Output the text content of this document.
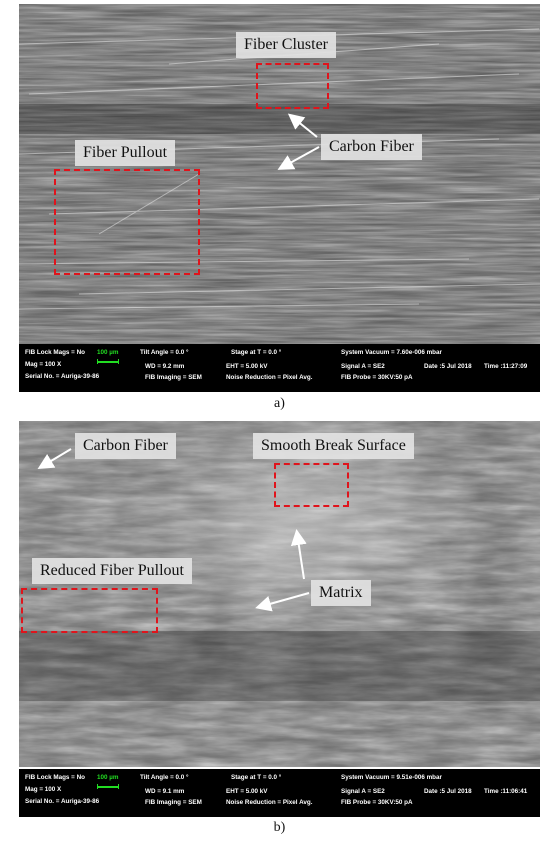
Fiber Cluster
Fiber Pullout	Carbon Fiber
FIB Lock Mags = No 100 µm
Mag = 100 X
Serial No. = Auriga-39-86
Tilt Angle = 0.0 °
WD = 9.2 mm
FIB Imaging = SEM
Stage at T = 0.0 °
EHT = 5.00 kV
Noise Reduction = Pixel Avg.
System Vacuum = 7.60e-006 mbar
Signal A = SE2
FIB Probe = 30KV:50 pA
Date :5 Jul 2018 Time :11:27:09
a)
Carbon Fiber	Smooth Break Surface
Reduced Fiber Pullout
Matrix
FIB Lock Mags = No 100 µm
Mag = 100 X
Serial No. = Auriga-39-86
Tilt Angle = 0.0 °
WD = 9.1 mm
FIB Imaging = SEM
Stage at T = 0.0 °
EHT = 5.00 kV
Noise Reduction = Pixel Avg.
System Vacuum = 9.51e-006 mbar
Signal A = SE2
FIB Probe = 30KV:50 pA
Date :5 Jul 2018 Time :11:06:41
b)
